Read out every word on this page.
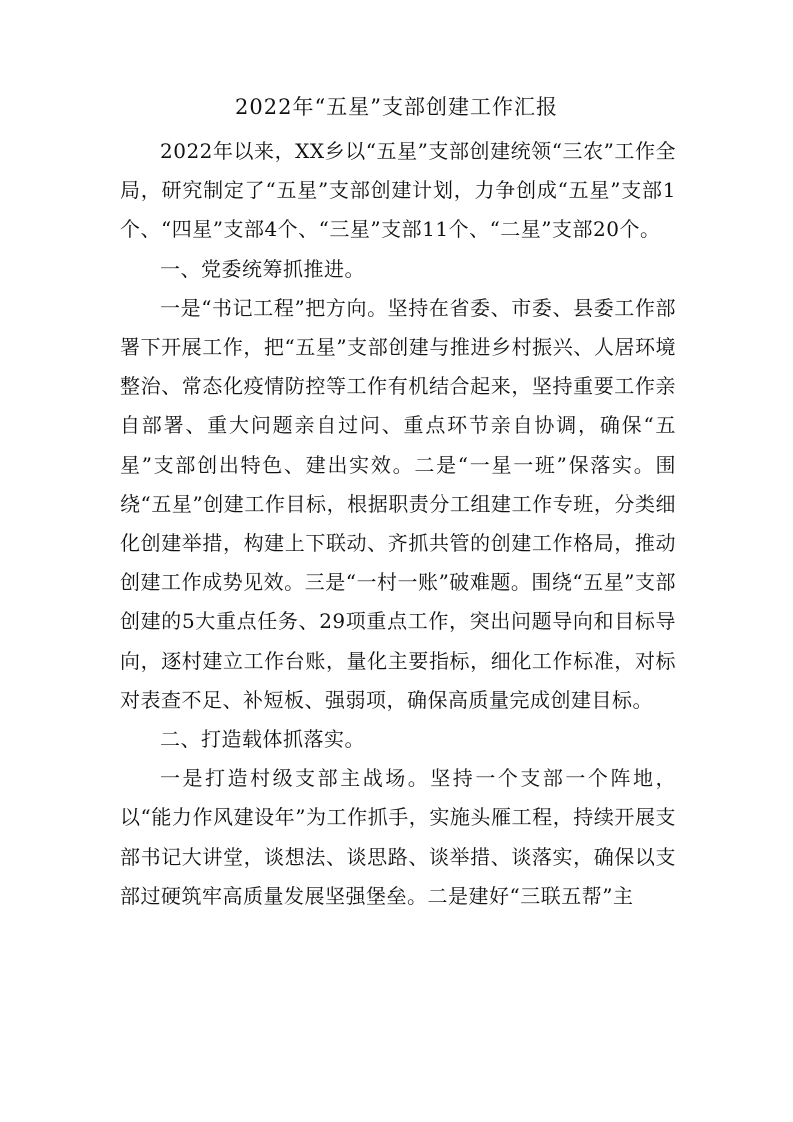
2022年“五星”支部创建工作汇报

2022年以来，XX乡以“五星”支部创建统领“三农”工作全局，研究制定了“五星”支部创建计划，力争创成“五星”支部1个、“四星”支部4个、“三星”支部11个、“二星”支部20个。

一、党委统筹抓推进。

一是“书记工程”把方向。坚持在省委、市委、县委工作部署下开展工作，把“五星”支部创建与推进乡村振兴、人居环境整治、常态化疫情防控等工作有机结合起来，坚持重要工作亲自部署、重大问题亲自过问、重点环节亲自协调，确保“五星”支部创出特色、建出实效。二是“一星一班”保落实。围绕“五星”创建工作目标，根据职责分工组建工作专班，分类细化创建举措，构建上下联动、齐抓共管的创建工作格局，推动创建工作成势见效。三是“一村一账”破难题。围绕“五星”支部创建的5大重点任务、29项重点工作，突出问题导向和目标导向，逐村建立工作台账，量化主要指标，细化工作标准，对标对表查不足、补短板、强弱项，确保高质量完成创建目标。

二、打造载体抓落实。

一是打造村级支部主战场。坚持一个支部一个阵地，以“能力作风建设年”为工作抓手，实施头雁工程，持续开展支部书记大讲堂，谈想法、谈思路、谈举措、谈落实，确保以支部过硬筑牢高质量发展坚强堡垒。二是建好“三联五帮”主
